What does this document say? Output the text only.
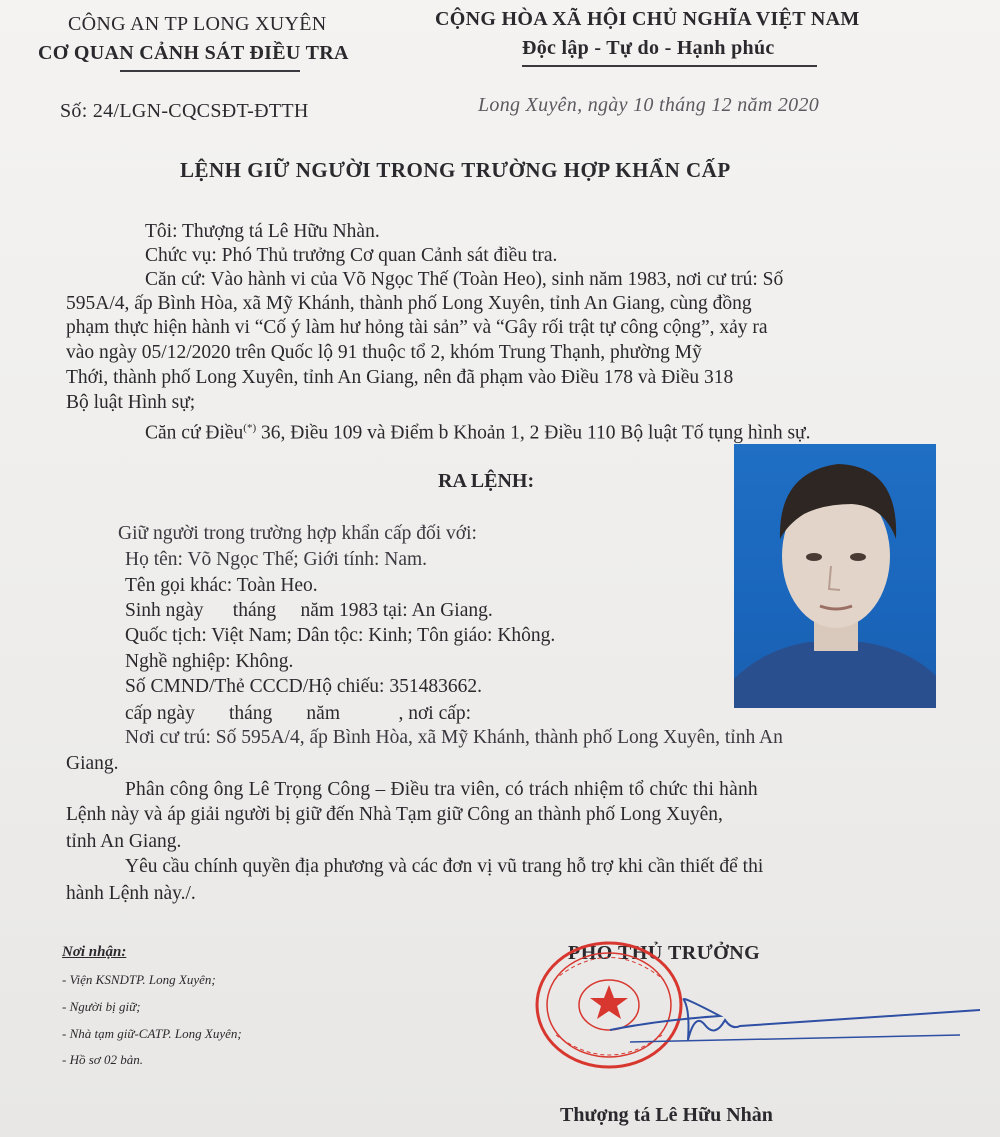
CÔNG AN TP LONG XUYÊN
CƠ QUAN CẢNH SÁT ĐIỀU TRA
Số: 24/LGN-CQCSĐT-ĐTTH
CỘNG HÒA XÃ HỘI CHỦ NGHĨA VIỆT NAM
Độc lập - Tự do - Hạnh phúc
Long Xuyên, ngày 10 tháng 12 năm 2020
LỆNH GIỮ NGƯỜI TRONG TRƯỜNG HỢP KHẨN CẤP
Tôi: Thượng tá Lê Hữu Nhàn.
Chức vụ: Phó Thủ trưởng Cơ quan Cảnh sát điều tra.
Căn cứ: Vào hành vi của Võ Ngọc Thế (Toàn Heo), sinh năm 1983, nơi cư trú: Số
595A/4, ấp Bình Hòa, xã Mỹ Khánh, thành phố Long Xuyên, tỉnh An Giang, cùng đồng
phạm thực hiện hành vi “Cố ý làm hư hỏng tài sản” và “Gây rối trật tự công cộng”, xảy ra
vào ngày 05/12/2020 trên Quốc lộ 91 thuộc tổ 2, khóm Trung Thạnh, phường Mỹ
Thới, thành phố Long Xuyên, tỉnh An Giang, nên đã phạm vào Điều 178 và Điều 318
Bộ luật Hình sự;
Căn cứ Điều(*) 36, Điều 109 và Điểm b Khoản 1, 2 Điều 110 Bộ luật Tố tụng hình sự.
RA LỆNH:
Giữ người trong trường hợp khẩn cấp đối với:
Họ tên: Võ Ngọc Thế; Giới tính: Nam.
Tên gọi khác: Toàn Heo.
Sinh ngày      tháng     năm 1983 tại: An Giang.
Quốc tịch: Việt Nam; Dân tộc: Kinh; Tôn giáo: Không.
Nghề nghiệp: Không.
Số CMND/Thẻ CCCD/Hộ chiếu: 351483662.
cấp ngày       tháng       năm            , nơi cấp:
Nơi cư trú: Số 595A/4, ấp Bình Hòa, xã Mỹ Khánh, thành phố Long Xuyên, tỉnh An
Giang.
Phân công ông Lê Trọng Công – Điều tra viên, có trách nhiệm tổ chức thi hành
Lệnh này và áp giải người bị giữ đến Nhà Tạm giữ Công an thành phố Long Xuyên,
tỉnh An Giang.
Yêu cầu chính quyền địa phương và các đơn vị vũ trang hỗ trợ khi cần thiết để thi
hành Lệnh này./.
Nơi nhận:
- Viện KSNDTP. Long Xuyên;
- Người bị giữ;
- Nhà tạm giữ-CATP. Long Xuyên;
- Hồ sơ 02 bản.
PHÓ THỦ TRƯỞNG
Thượng tá Lê Hữu Nhàn
